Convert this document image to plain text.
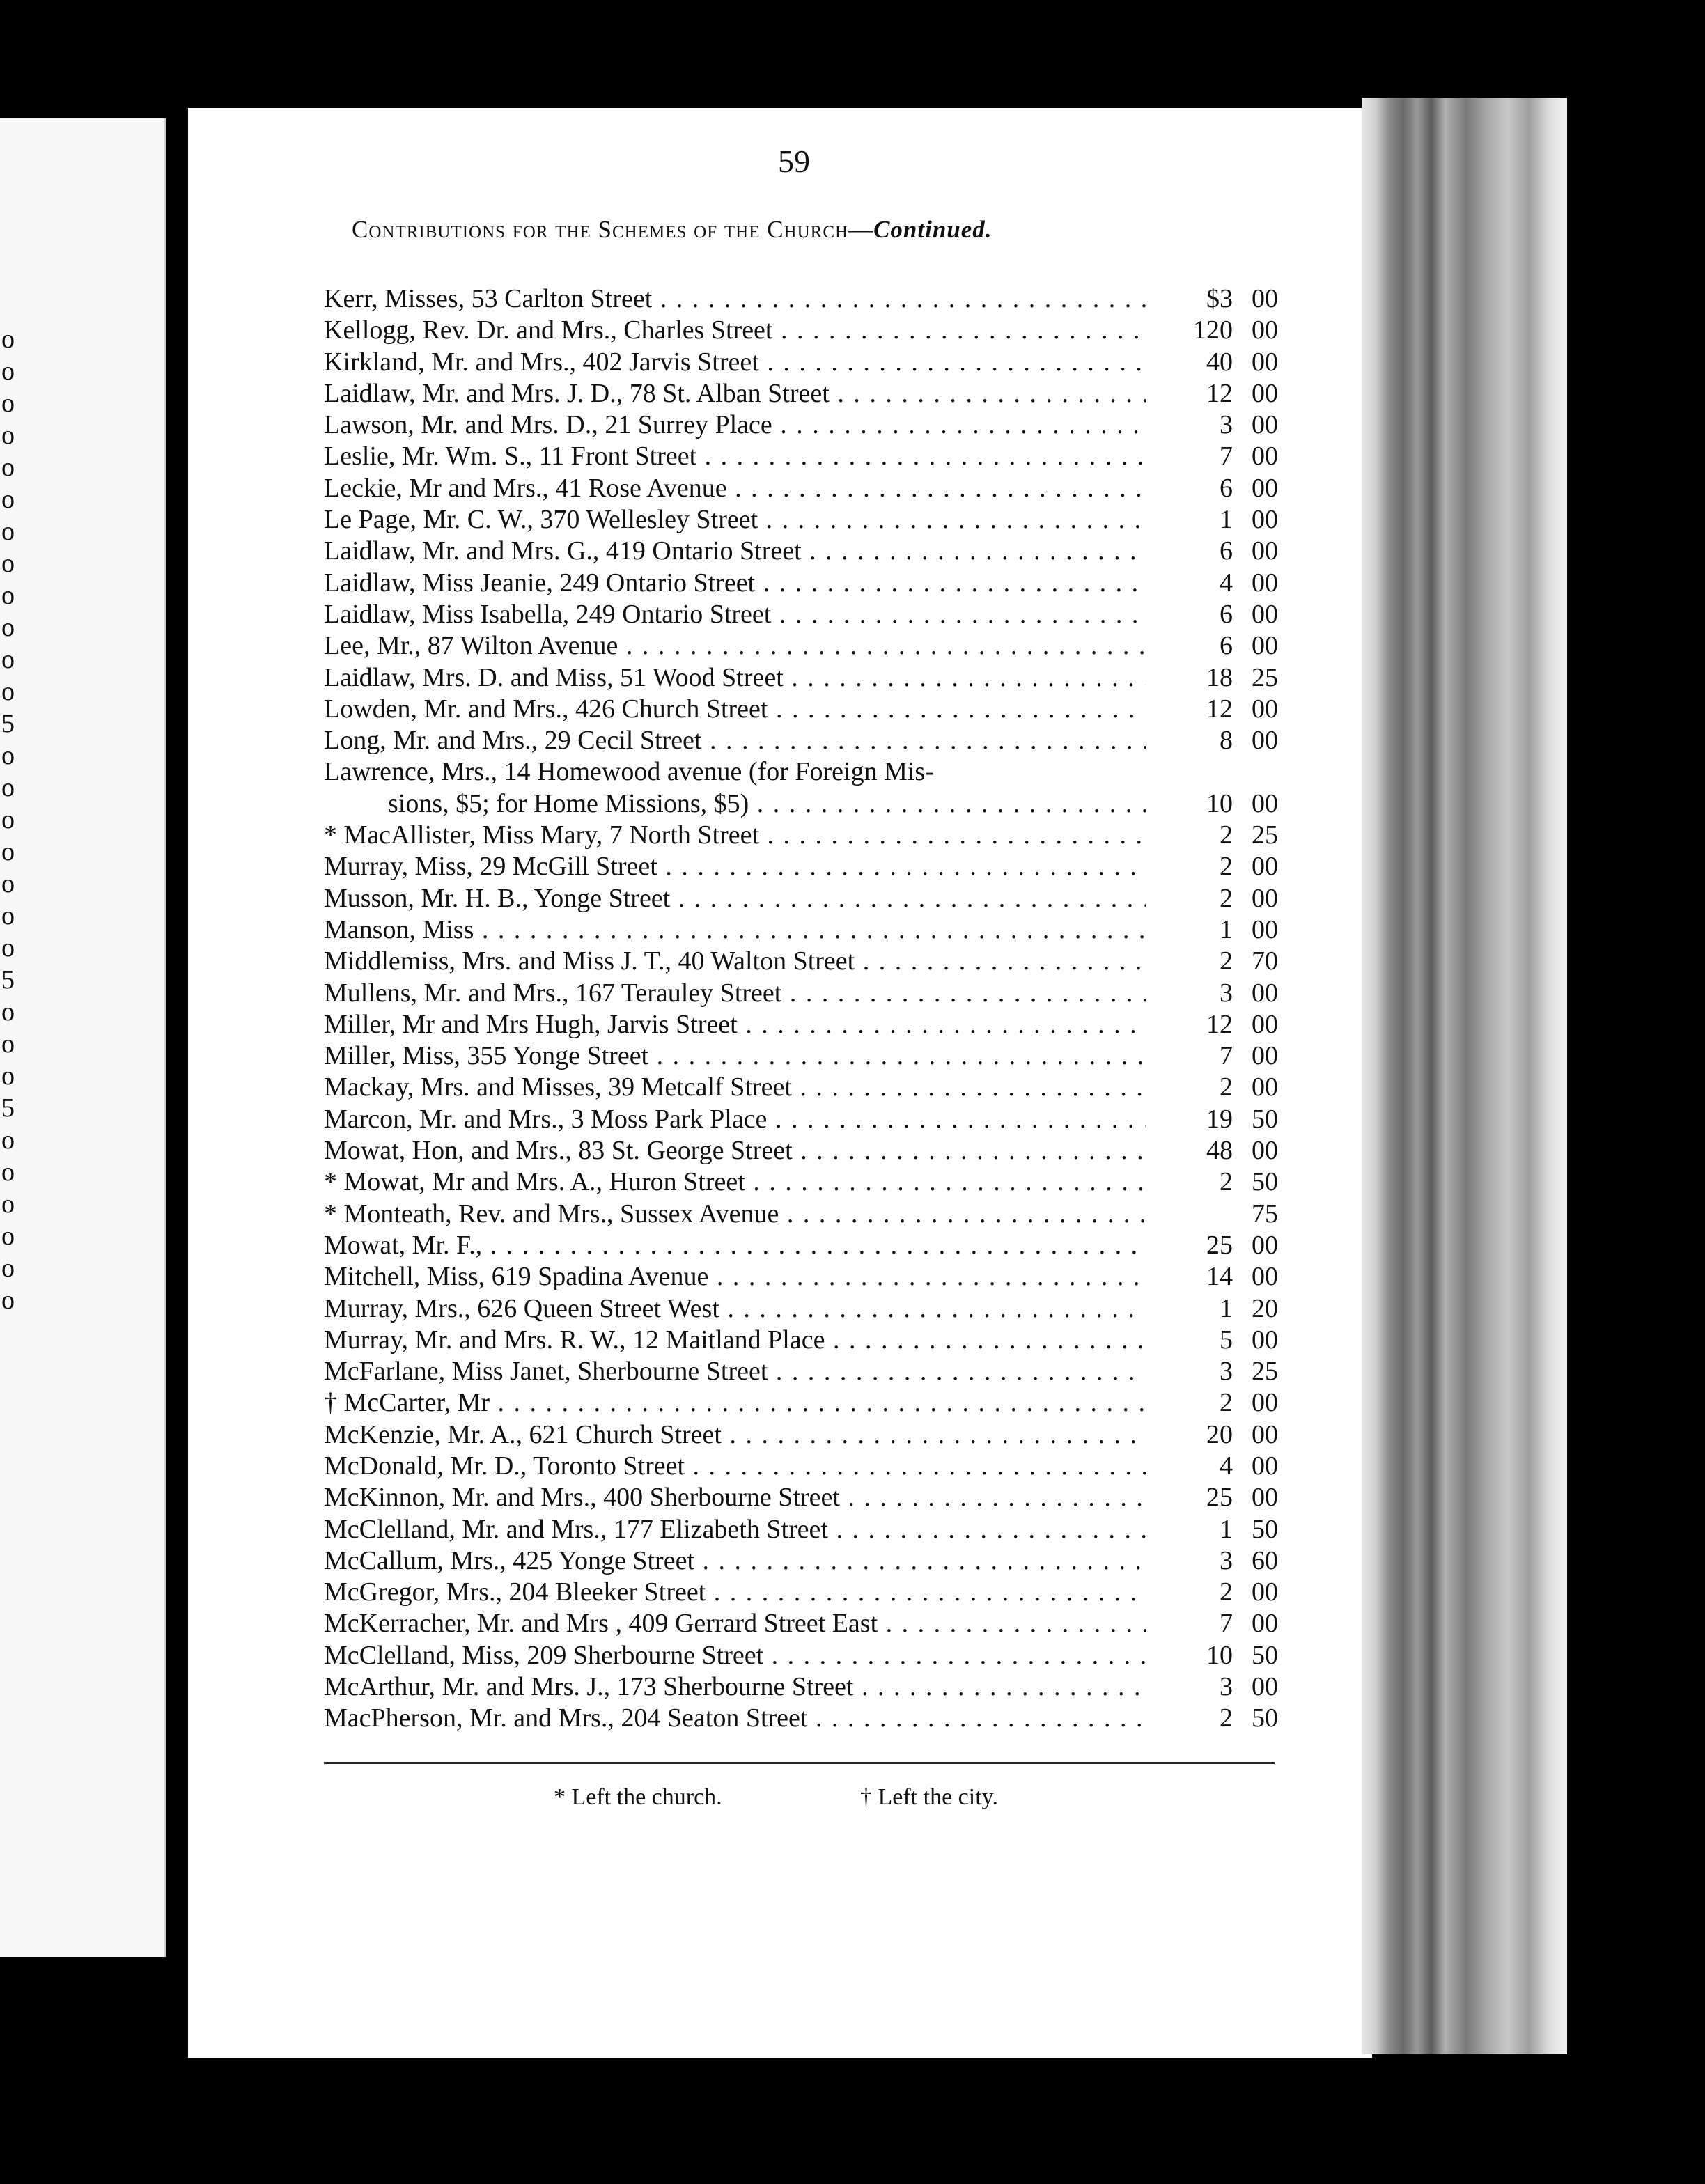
o
o
o
o
o
o
o
o
o
o
o
o
5
o
o
o
o
o
o
o
5
o
o
o
5
o
o
o
o
o
o
59
Contributions for the Schemes of the Church—Continued.
Kerr, Misses, 53 Carlton Street . . .	$3 00
Kellogg, Rev. Dr. and Mrs., Charles Street . . .	120 00
Kirkland, Mr. and Mrs., 402 Jarvis Street . . .	40 00
Laidlaw, Mr. and Mrs. J. D., 78 St. Alban Street . . .	12 00
Lawson, Mr. and Mrs. D., 21 Surrey Place . . .	3 00
Leslie, Mr. Wm. S., 11 Front Street . . .	7 00
Leckie, Mr and Mrs., 41 Rose Avenue . . .	6 00
Le Page, Mr. C. W., 370 Wellesley Street . . .	1 00
Laidlaw, Mr. and Mrs. G., 419 Ontario Street . . .	6 00
Laidlaw, Miss Jeanie, 249 Ontario Street . . .	4 00
Laidlaw, Miss Isabella, 249 Ontario Street . . .	6 00
Lee, Mr., 87 Wilton Avenue . . .	6 00
Laidlaw, Mrs. D. and Miss, 51 Wood Street . . .	18 25
Lowden, Mr. and Mrs., 426 Church Street . . .	12 00
Long, Mr. and Mrs., 29 Cecil Street . . .	8 00
Lawrence, Mrs., 14 Homewood avenue (for Foreign Mis-
sions, $5; for Home Missions, $5) . . .	10 00
* MacAllister, Miss Mary, 7 North Street . . .	2 25
Murray, Miss, 29 McGill Street . . .	2 00
Musson, Mr. H. B., Yonge Street . . .	2 00
Manson, Miss . . .	1 00
Middlemiss, Mrs. and Miss J. T., 40 Walton Street . . .	2 70
Mullens, Mr. and Mrs., 167 Terauley Street . . .	3 00
Miller, Mr and Mrs Hugh, Jarvis Street . . .	12 00
Miller, Miss, 355 Yonge Street . . .	7 00
Mackay, Mrs. and Misses, 39 Metcalf Street . . .	2 00
Marcon, Mr. and Mrs., 3 Moss Park Place . . .	19 50
Mowat, Hon, and Mrs., 83 St. George Street . . .	48 00
* Mowat, Mr and Mrs. A., Huron Street . . .	2 50
* Monteath, Rev. and Mrs., Sussex Avenue . . .	75
Mowat, Mr. F., . . .	25 00
Mitchell, Miss, 619 Spadina Avenue . . .	14 00
Murray, Mrs., 626 Queen Street West . . .	1 20
Murray, Mr. and Mrs. R. W., 12 Maitland Place . . .	5 00
McFarlane, Miss Janet, Sherbourne Street . . .	3 25
† McCarter, Mr . . .	2 00
McKenzie, Mr. A., 621 Church Street . . .	20 00
McDonald, Mr. D., Toronto Street . . .	4 00
McKinnon, Mr. and Mrs., 400 Sherbourne Street . . .	25 00
McClelland, Mr. and Mrs., 177 Elizabeth Street . . .	1 50
McCallum, Mrs., 425 Yonge Street . . .	3 60
McGregor, Mrs., 204 Bleeker Street . . .	2 00
McKerracher, Mr. and Mrs , 409 Gerrard Street East . . .	7 00
McClelland, Miss, 209 Sherbourne Street . . .	10 50
McArthur, Mr. and Mrs. J., 173 Sherbourne Street . . .	3 00
MacPherson, Mr. and Mrs., 204 Seaton Street . . .	2 50
* Left the church.	† Left the city.
